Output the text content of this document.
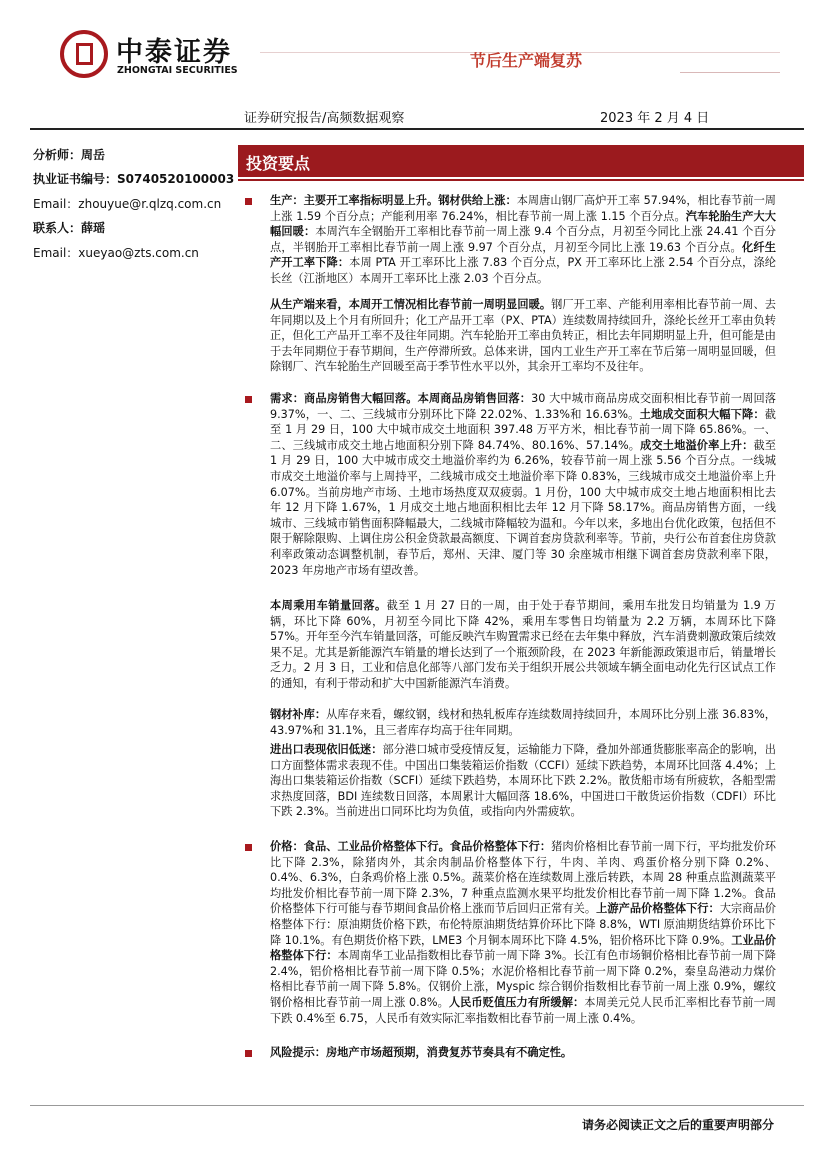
中泰证券
ZHONGTAI SECURITIES
节后生产端复苏
证券研究报告/高频数据观察	2023 年 2 月 4 日
分析师：周岳
执业证书编号：S0740520100003
Email：zhouyue@r.qlzq.com.cn
联系人：薛瑶
Email：xueyao@zts.com.cn
投资要点
生产：主要开工率指标明显上升。钢材供给上涨：本周唐山钢厂高炉开工率 57.94%，相比春节前一周上涨 1.59 个百分点；产能利用率 76.24%，相比春节前一周上涨 1.15 个百分点。汽车轮胎生产大大幅回暖：本周汽车全钢胎开工率相比春节前一周上涨 9.4 个百分点，月初至今同比上涨 24.41 个百分点，半钢胎开工率相比春节前一周上涨 9.97 个百分点，月初至今同比上涨 19.63 个百分点。化纤生产开工率下降：本周 PTA 开工率环比上涨 7.83 个百分点，PX 开工率环比上涨 2.54 个百分点，涤纶长丝（江浙地区）本周开工率环比上涨 2.03 个百分点。
从生产端来看，本周开工情况相比春节前一周明显回暖。钢厂开工率、产能利用率相比春节前一周、去年同期以及上个月有所回升；化工产品开工率（PX、PTA）连续数周持续回升，涤纶长丝开工率由负转正，但化工产品开工率不及往年同期。汽车轮胎开工率由负转正，相比去年同期明显上升，但可能是由于去年同期位于春节期间，生产停滞所致。总体来讲，国内工业生产开工率在节后第一周明显回暖，但除钢厂、汽车轮胎生产回暖至高于季节性水平以外，其余开工率均不及往年。
需求：商品房销售大幅回落。本周商品房销售回落：30 大中城市商品房成交面积相比春节前一周回落 9.37%，一、二、三线城市分别环比下降 22.02%、1.33%和 16.63%。土地成交面积大幅下降：截至 1 月 29 日，100 大中城市成交土地面积 397.48 万平方米，相比春节前一周下降 65.86%。一、二、三线城市成交土地占地面积分别下降 84.74%、80.16%、57.14%。成交土地溢价率上升：截至 1 月 29 日，100 大中城市成交土地溢价率约为 6.26%，较春节前一周上涨 5.56 个百分点。一线城市成交土地溢价率与上周持平，二线城市成交土地溢价率下降 0.83%，三线城市成交土地溢价率上升 6.07%。当前房地产市场、土地市场热度双双疲弱。1 月份，100 大中城市成交土地占地面积相比去年 12 月下降 1.67%，1 月成交土地占地面积相比去年 12 月下降 58.17%。商品房销售方面，一线城市、三线城市销售面积降幅最大，二线城市降幅较为温和。今年以来，多地出台优化政策，包括但不限于解除限购、上调住房公积金贷款最高额度、下调首套房贷款利率等。节前，央行公布首套住房贷款利率政策动态调整机制，春节后，郑州、天津、厦门等 30 余座城市相继下调首套房贷款利率下限，2023 年房地产市场有望改善。
本周乘用车销量回落。截至 1 月 27 日的一周，由于处于春节期间，乘用车批发日均销量为 1.9 万辆，环比下降 60%，月初至今同比下降 42%，乘用车零售日均销量为 2.2 万辆，本周环比下降 57%。开年至今汽车销量回落，可能反映汽车购置需求已经在去年集中释放，汽车消费刺激政策后续效果不足。尤其是新能源汽车销量的增长达到了一个瓶颈阶段，在 2023 年新能源政策退市后，销量增长乏力。2 月 3 日，工业和信息化部等八部门发布关于组织开展公共领域车辆全面电动化先行区试点工作的通知，有利于带动和扩大中国新能源汽车消费。
钢材补库：从库存来看，螺纹钢，线材和热轧板库存连续数周持续回升，本周环比分别上涨 36.83%，43.97%和 31.1%，且三者库存均高于往年同期。
进出口表现依旧低迷：部分港口城市受疫情反复，运输能力下降，叠加外部通货膨胀率高企的影响，出口方面整体需求表现不佳。中国出口集装箱运价指数（CCFI）延续下跌趋势，本周环比回落 4.4%；上海出口集装箱运价指数（SCFI）延续下跌趋势，本周环比下跌 2.2%。散货船市场有所疲软，各船型需求热度回落，BDI 连续数日回落，本周累计大幅回落 18.6%，中国进口干散货运价指数（CDFI）环比下跌 2.3%。当前进出口同环比均为负值，或指向内外需疲软。
价格：食品、工业品价格整体下行。食品价格整体下行：猪肉价格相比春节前一周下行，平均批发价环比下降 2.3%，除猪肉外，其余肉制品价格整体下行，牛肉、羊肉、鸡蛋价格分别下降 0.2%、0.4%、6.3%，白条鸡价格上涨 0.5%。蔬菜价格在连续数周上涨后转跌，本周 28 种重点监测蔬菜平均批发价相比春节前一周下降 2.3%，7 种重点监测水果平均批发价相比春节前一周下降 1.2%。食品价格整体下行可能与春节期间食品价格上涨而节后回归正常有关。上游产品价格整体下行：大宗商品价格整体下行：原油期货价格下跌，布伦特原油期货结算价环比下降 8.8%，WTI 原油期货结算价环比下降 10.1%。有色期货价格下跌，LME3 个月铜本周环比下降 4.5%，铝价格环比下降 0.9%。工业品价格整体下行：本周南华工业品指数相比春节前一周下降 3%。长江有色市场铜价格相比春节前一周下降 2.4%，铝价格相比春节前一周下降 0.5%；水泥价格相比春节前一周下降 0.2%，秦皇岛港动力煤价格相比春节前一周下降 5.8%。仅钢价上涨，Myspic 综合钢价指数相比春节前一周上涨 0.9%，螺纹钢价格相比春节前一周上涨 0.8%。人民币贬值压力有所缓解：本周美元兑人民币汇率相比春节前一周下跌 0.4%至 6.75，人民币有效实际汇率指数相比春节前一周上涨 0.4%。
风险提示：房地产市场超预期，消费复苏节奏具有不确定性。
请务必阅读正文之后的重要声明部分
